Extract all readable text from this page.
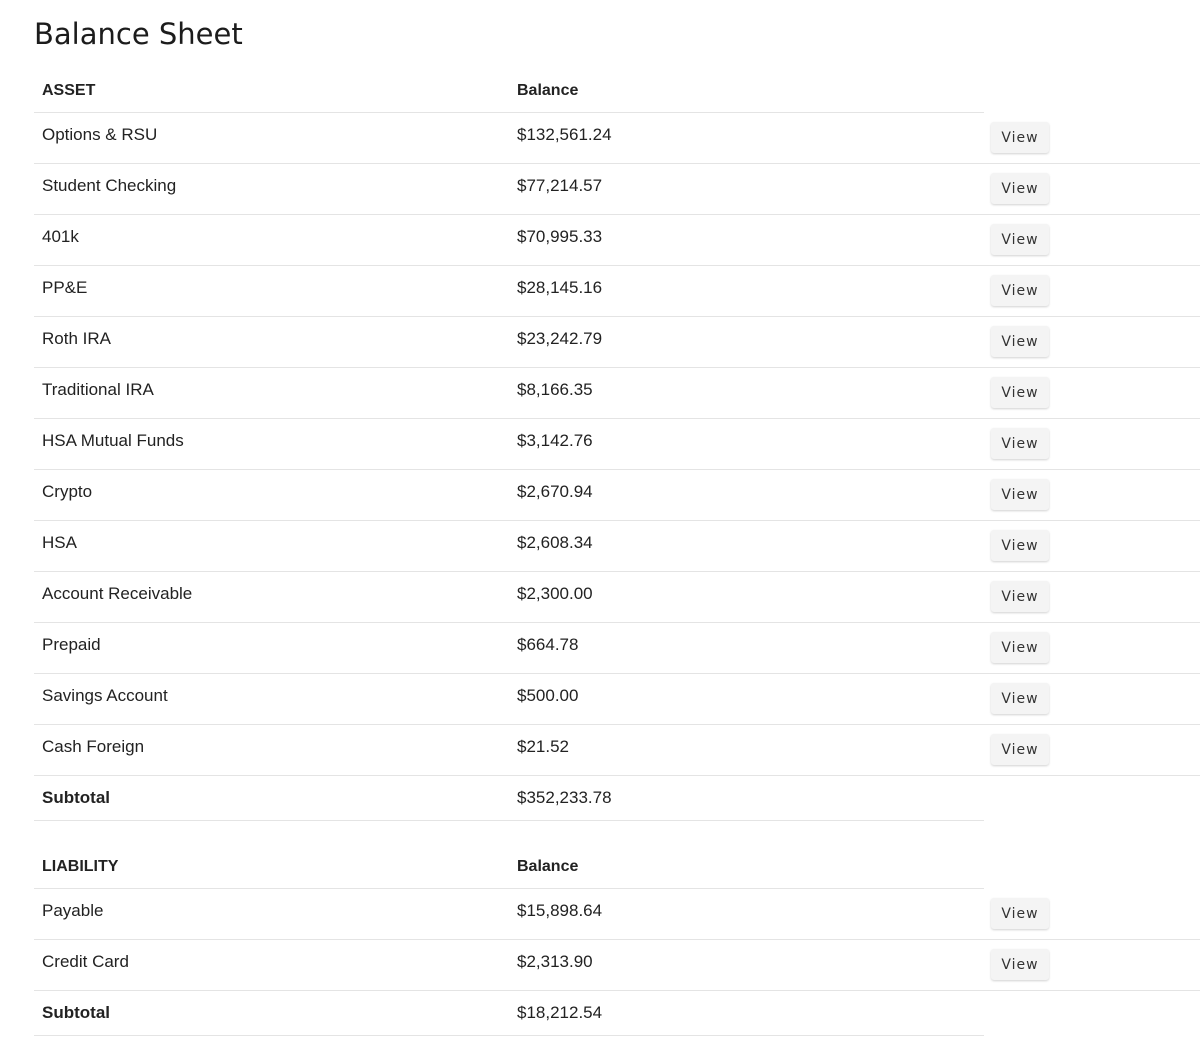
Balance Sheet
ASSET	Balance
Options & RSU	$132,561.24	View
Student Checking	$77,214.57	View
401k	$70,995.33	View
PP&E	$28,145.16	View
Roth IRA	$23,242.79	View
Traditional IRA	$8,166.35	View
HSA Mutual Funds	$3,142.76	View
Crypto	$2,670.94	View
HSA	$2,608.34	View
Account Receivable	$2,300.00	View
Prepaid	$664.78	View
Savings Account	$500.00	View
Cash Foreign	$21.52	View
Subtotal	$352,233.78
LIABILITY	Balance
Payable	$15,898.64	View
Credit Card	$2,313.90	View
Subtotal	$18,212.54
